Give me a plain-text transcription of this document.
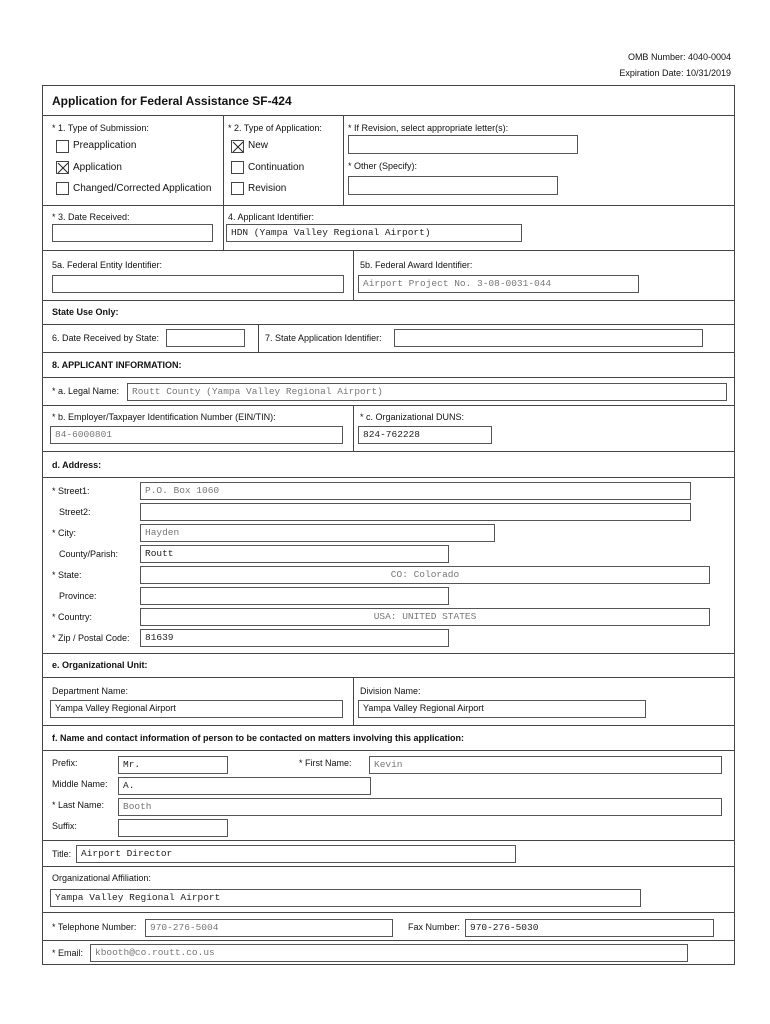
OMB Number: 4040-0004
Expiration Date: 10/31/2019
Application for Federal Assistance SF-424
* 1. Type of Submission:	* 2. Type of Application:	* If Revision, select appropriate letter(s):
Preapplication
Application
Changed/Corrected Application
New
Continuation
Revision
* Other (Specify):
* 3. Date Received:	4. Applicant Identifier:
HDN (Yampa Valley Regional Airport)
5a. Federal Entity Identifier:	5b. Federal Award Identifier:
Airport Project No. 3-08-0031-044
State Use Only:
6. Date Received by State:	7. State Application Identifier:
8. APPLICANT INFORMATION:
* a. Legal Name:	Routt County (Yampa Valley Regional Airport)
* b. Employer/Taxpayer Identification Number (EIN/TIN):
84-6000801
* c. Organizational DUNS:
824-762228
d. Address:
* Street1:	P.O. Box 1060
Street2:
* City:	Hayden
County/Parish:	Routt
* State:	CO: Colorado
Province:
* Country:	USA: UNITED STATES
* Zip / Postal Code:	81639
e. Organizational Unit:
Department Name:
Yampa Valley Regional Airport
Division Name:
Yampa Valley Regional Airport
f. Name and contact information of person to be contacted on matters involving this application:
Prefix:	Mr.	* First Name:	Kevin
Middle Name:	A.
* Last Name:	Booth
Suffix:
Title:	Airport Director
Organizational Affiliation:
Yampa Valley Regional Airport
* Telephone Number:	970-276-5004	Fax Number:	970-276-5030
* Email:	kbooth@co.routt.co.us
